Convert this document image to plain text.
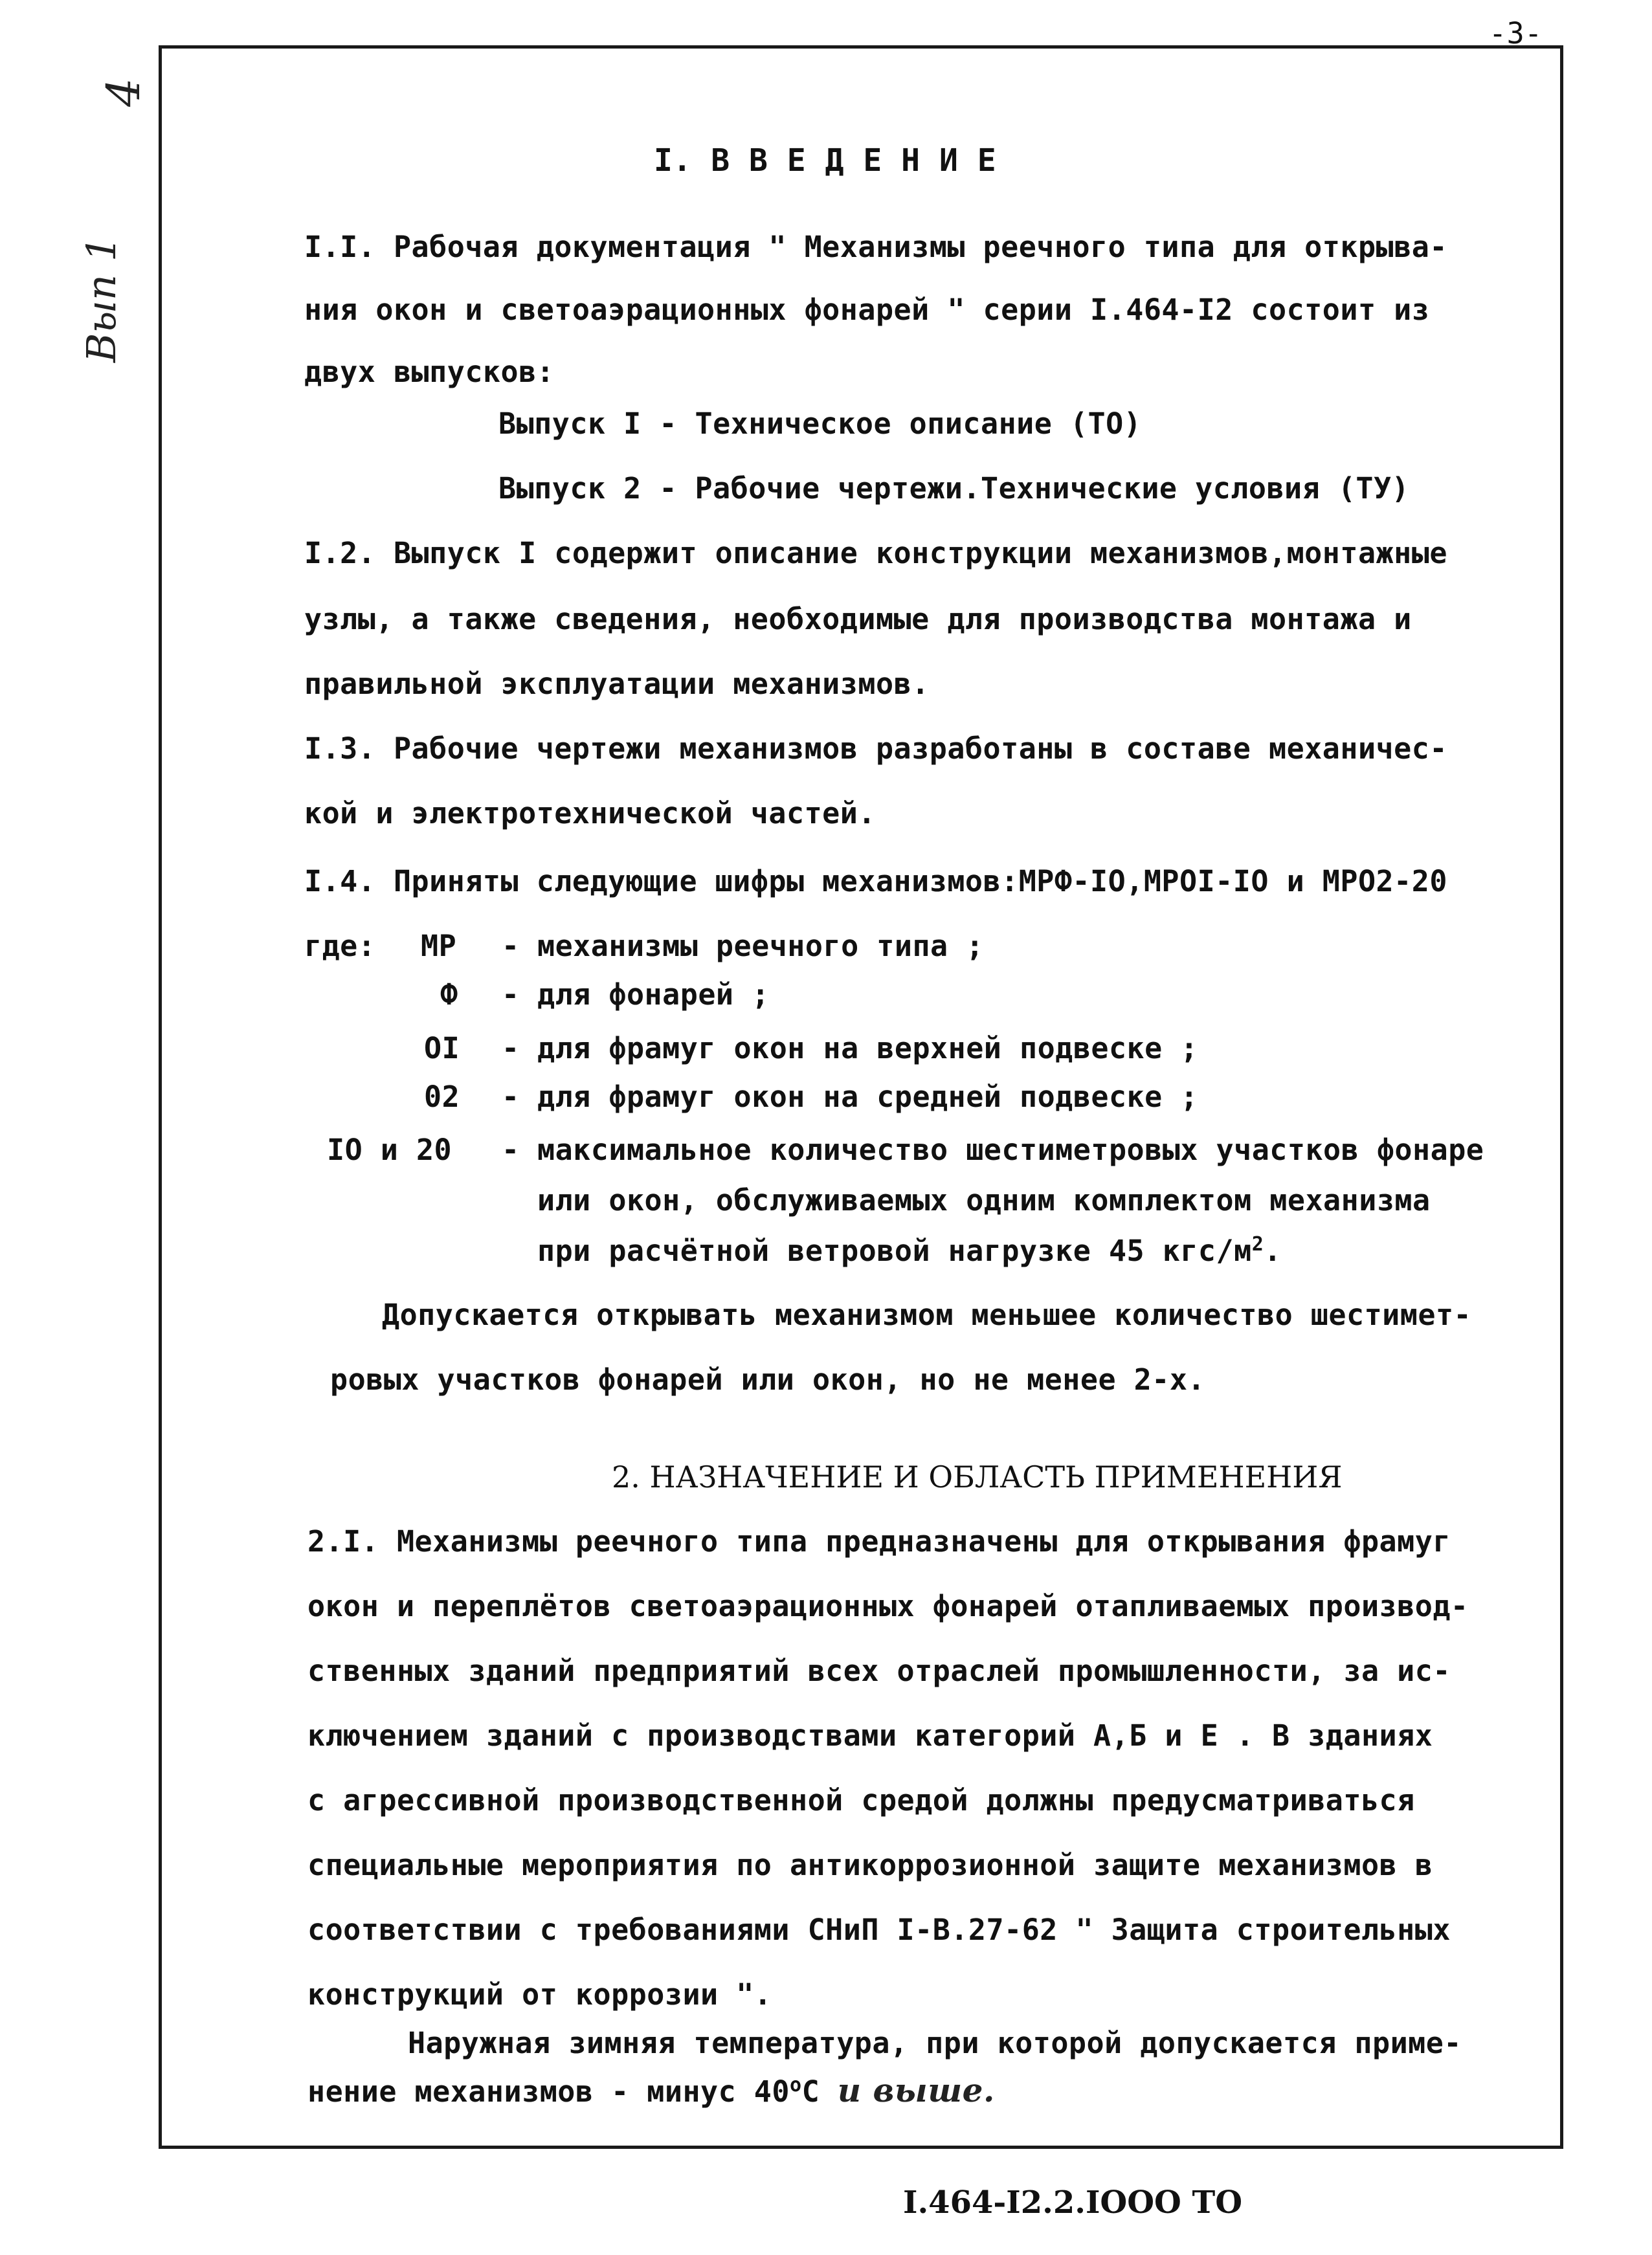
-3-
4
Вып 1
I. В В Е Д Е Н И Е
I.I. Рабочая документация " Механизмы реечного типа для открыва-
ния окон и светоаэрационных фонарей " серии I.464-I2 состоит из
двух выпусков:
Выпуск I - Техническое описание (ТО)
Выпуск 2 - Рабочие чертежи.Технические условия (ТУ)
I.2. Выпуск I содержит описание конструкции механизмов,монтажные
узлы, а также сведения, необходимые для производства монтажа и
правильной эксплуатации механизмов.
I.3. Рабочие чертежи механизмов разработаны в составе механичес-
кой и электротехнической частей.
I.4. Приняты следующие шифры механизмов:МРФ-IO,MPOI-IO и МРО2-20
где: МР - механизмы реечного типа ;
Ф - для фонарей ;
OI - для фрамуг окон на верхней подвеске ;
02 - для фрамуг окон на средней подвеске ;
IO и 20 - максимальное количество шестиметровых участков фонаре
или окон, обслуживаемых одним комплектом механизма
при расчётной ветровой нагрузке 45 кгс/$м^2$.
Допускается открывать механизмом меньшее количество шестимет-
ровых участков фонарей или окон, но не менее 2-х.
2. НАЗНАЧЕНИЕ И ОБЛАСТЬ ПРИМЕНЕНИЯ
2.I. Механизмы реечного типа предназначены для открывания фрамуг
окон и переплётов светоаэрационных фонарей отапливаемых производ-
ственных зданий предприятий всех отраслей промышленности, за ис-
ключением зданий с производствами категорий А,Б и Е . В зданиях
с агрессивной производственной средой должны предусматриваться
специальные мероприятия по антикоррозионной защите механизмов в
соответствии с требованиями СНиП I-В.27-62 " Защита строительных
конструкций от коррозии ".
Наружная зимняя температура, при которой допускается приме-
нение механизмов - минус 40$^o$С и выше.
I.464-I2.2.IOOO ТО
